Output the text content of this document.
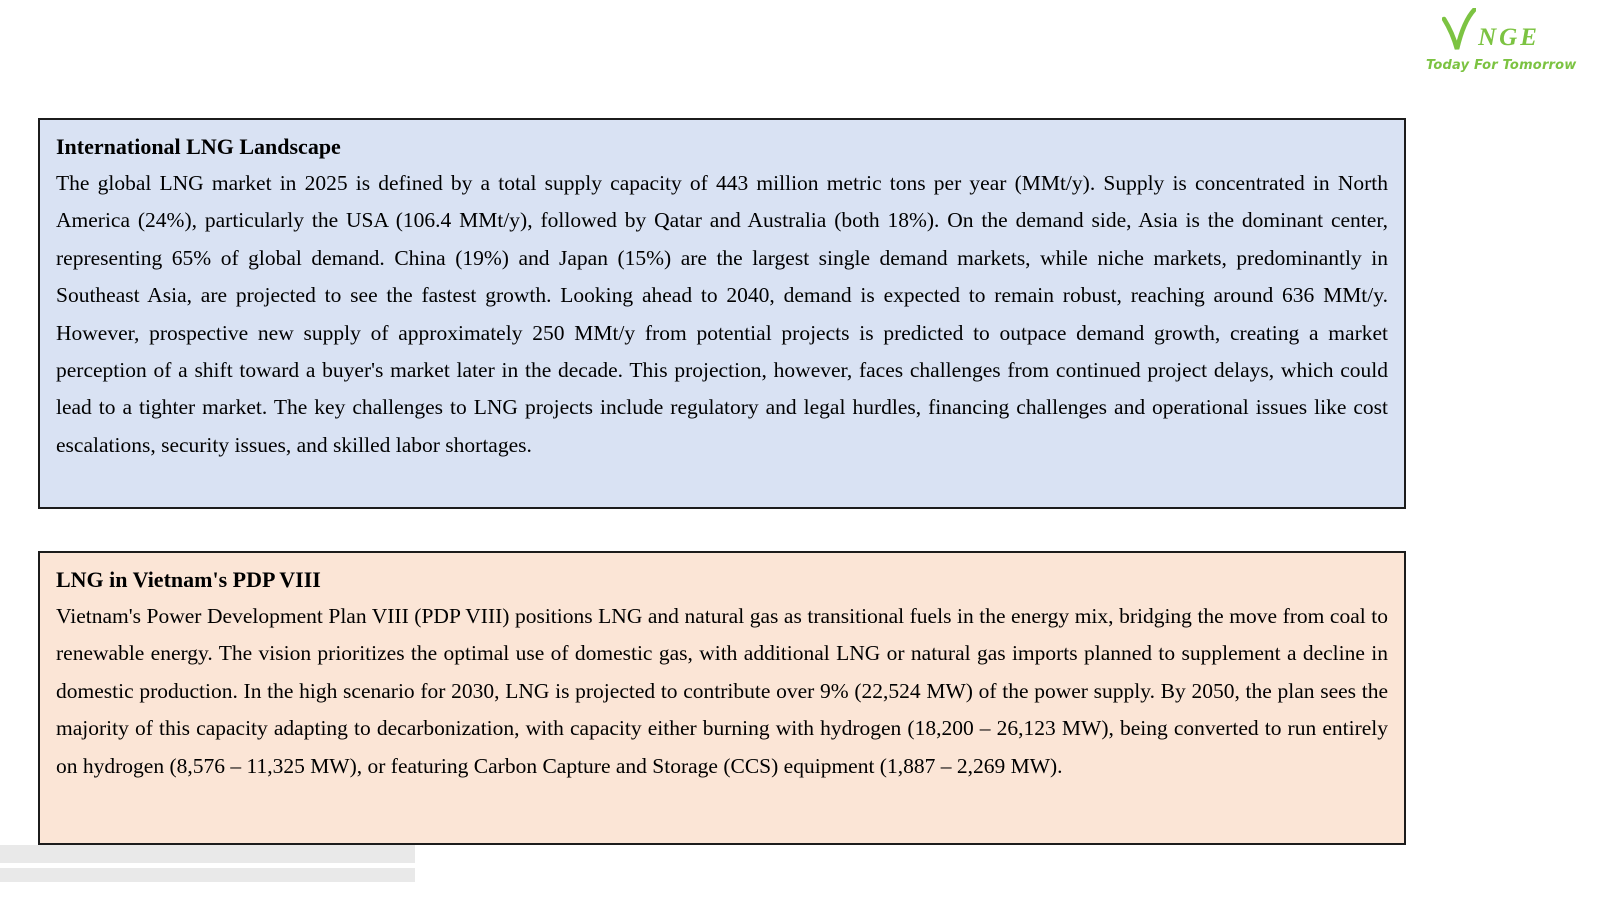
NGE
Today For Tomorrow
International LNG Landscape

The global LNG market in 2025 is defined by a total supply capacity of 443 million metric tons per year (MMt/y). Supply is concentrated in North America (24%), particularly the USA (106.4 MMt/y), followed by Qatar and Australia (both 18%). On the demand side, Asia is the dominant center, representing 65% of global demand. China (19%) and Japan (15%) are the largest single demand markets, while niche markets, predominantly in Southeast Asia, are projected to see the fastest growth. Looking ahead to 2040, demand is expected to remain robust, reaching around 636 MMt/y. However, prospective new supply of approximately 250 MMt/y from potential projects is predicted to outpace demand growth, creating a market perception of a shift toward a buyer's market later in the decade. This projection, however, faces challenges from continued project delays, which could lead to a tighter market. The key challenges to LNG projects include regulatory and legal hurdles, financing challenges and operational issues like cost escalations, security issues, and skilled labor shortages.

LNG in Vietnam's PDP VIII

Vietnam's Power Development Plan VIII (PDP VIII) positions LNG and natural gas as transitional fuels in the energy mix, bridging the move from coal to renewable energy. The vision prioritizes the optimal use of domestic gas, with additional LNG or natural gas imports planned to supplement a decline in domestic production. In the high scenario for 2030, LNG is projected to contribute over 9% (22,524 MW) of the power supply. By 2050, the plan sees the majority of this capacity adapting to decarbonization, with capacity either burning with hydrogen (18,200 – 26,123 MW), being converted to run entirely on hydrogen (8,576 – 11,325 MW), or featuring Carbon Capture and Storage (CCS) equipment (1,887 – 2,269 MW).
